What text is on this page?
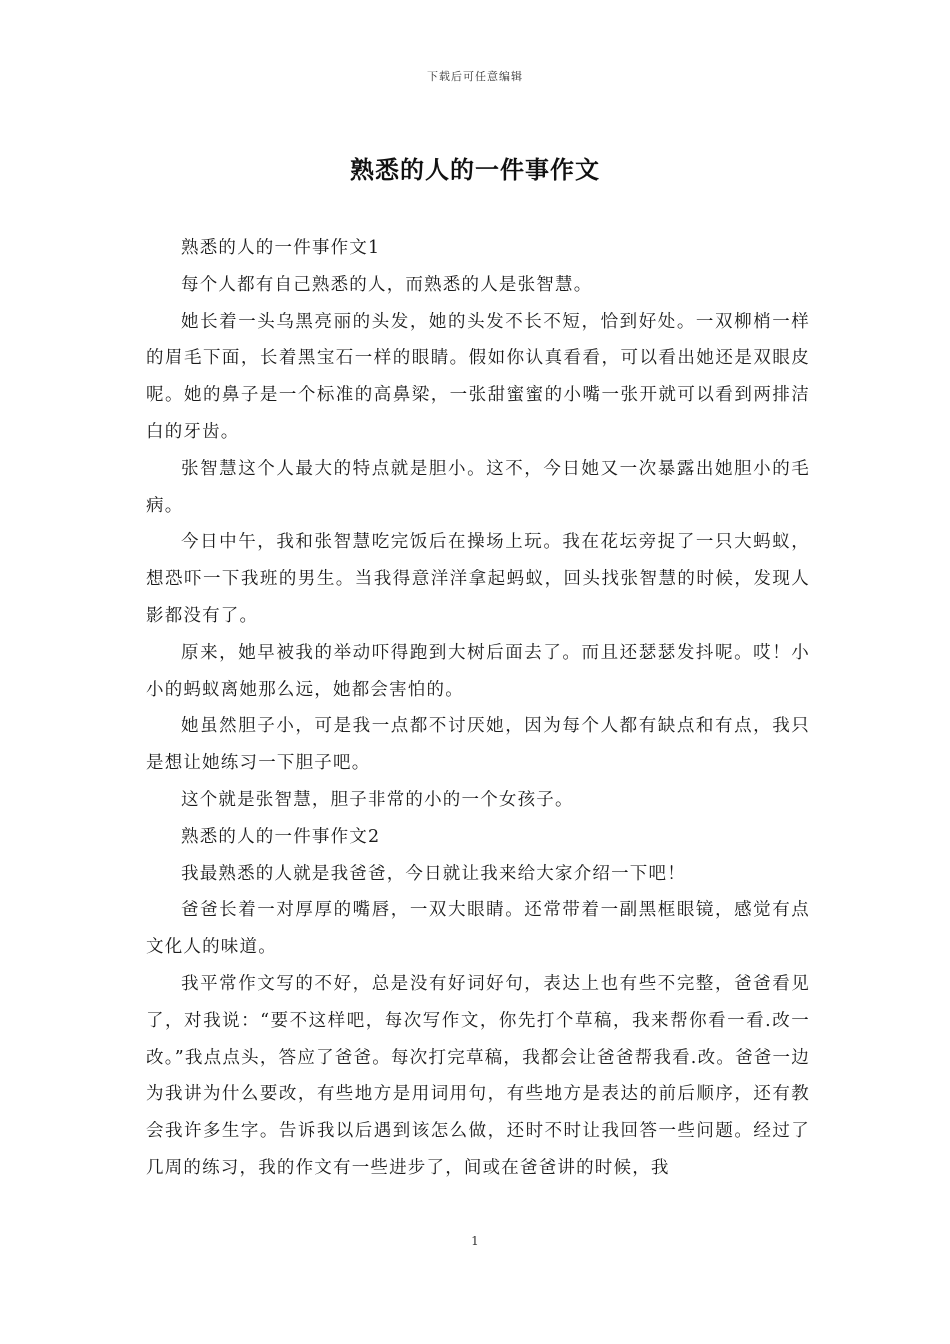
下载后可任意编辑
熟悉的人的一件事作文

熟悉的人的一件事作文1

每个人都有自己熟悉的人，而熟悉的人是张智慧。

她长着一头乌黑亮丽的头发，她的头发不长不短，恰到好处。一双柳梢一样的眉毛下面，长着黑宝石一样的眼睛。假如你认真看看，可以看出她还是双眼皮呢。她的鼻子是一个标准的高鼻梁，一张甜蜜蜜的小嘴一张开就可以看到两排洁白的牙齿。

张智慧这个人最大的特点就是胆小。这不，今日她又一次暴露出她胆小的毛病。

今日中午，我和张智慧吃完饭后在操场上玩。我在花坛旁捉了一只大蚂蚁，想恐吓一下我班的男生。当我得意洋洋拿起蚂蚁，回头找张智慧的时候，发现人影都没有了。

原来，她早被我的举动吓得跑到大树后面去了。而且还瑟瑟发抖呢。哎！小小的蚂蚁离她那么远，她都会害怕的。

她虽然胆子小，可是我一点都不讨厌她，因为每个人都有缺点和有点，我只是想让她练习一下胆子吧。

这个就是张智慧，胆子非常的小的一个女孩子。

熟悉的人的一件事作文2

我最熟悉的人就是我爸爸，今日就让我来给大家介绍一下吧！

爸爸长着一对厚厚的嘴唇，一双大眼睛。还常带着一副黑框眼镜，感觉有点文化人的味道。

我平常作文写的不好，总是没有好词好句，表达上也有些不完整，爸爸看见了，对我说：“要不这样吧，每次写作文，你先打个草稿，我来帮你看一看.改一改。”我点点头，答应了爸爸。每次打完草稿，我都会让爸爸帮我看.改。爸爸一边为我讲为什么要改，有些地方是用词用句，有些地方是表达的前后顺序，还有教会我许多生字。告诉我以后遇到该怎么做，还时不时让我回答一些问题。经过了几周的练习，我的作文有一些进步了，间或在爸爸讲的时候，我

1
